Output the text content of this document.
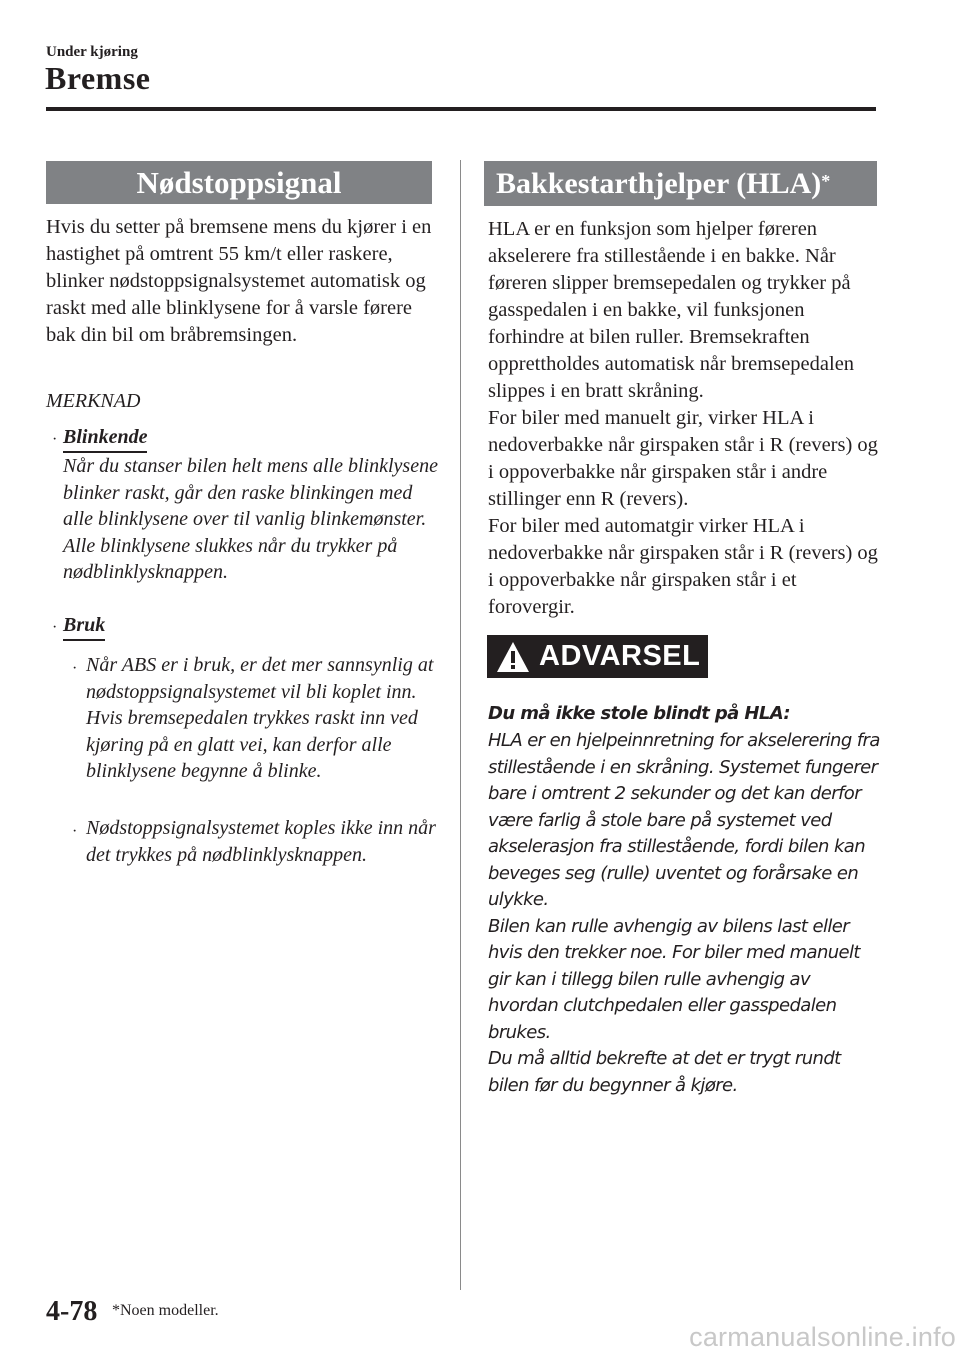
Under kjøring
Bremse
Nødstoppsignal
Hvis du setter på bremsene mens du kjører i en hastighet på omtrent 55 km/t eller raskere, blinker nødstoppsignalsystemet automatisk og raskt med alle blinklysene for å varsle førere bak din bil om bråbremsingen.
MERKNAD
· Blinkende
Når du stanser bilen helt mens alle blinklysene blinker raskt, går den raske blinkingen med alle blinklysene over til vanlig blinkemønster. Alle blinklysene slukkes når du trykker på nødblinklysknappen.
· Bruk
· Når ABS er i bruk, er det mer sannsynlig at nødstoppsignalsystemet vil bli koplet inn. Hvis bremsepedalen trykkes raskt inn ved kjøring på en glatt vei, kan derfor alle blinklysene begynne å blinke.
· Nødstoppsignalsystemet koples ikke inn når det trykkes på nødblinklysknappen.
Bakkestarthjelper (HLA)*
HLA er en funksjon som hjelper føreren akselerere fra stillestående i en bakke. Når føreren slipper bremsepedalen og trykker på gasspedalen i en bakke, vil funksjonen forhindre at bilen ruller. Bremsekraften opprettholdes automatisk når bremsepedalen slippes i en bratt skråning.
For biler med manuelt gir, virker HLA i nedoverbakke når girspaken står i R (revers) og i oppoverbakke når girspaken står i andre stillinger enn R (revers).
For biler med automatgir virker HLA i nedoverbakke når girspaken står i R (revers) og i oppoverbakke når girspaken står i et forovergir.
ADVARSEL
Du må ikke stole blindt på HLA:
HLA er en hjelpeinnretning for akselerering fra stillestående i en skråning. Systemet fungerer bare i omtrent 2 sekunder og det kan derfor være farlig å stole bare på systemet ved akselerasjon fra stillestående, fordi bilen kan beveges seg (rulle) uventet og forårsake en ulykke.
Bilen kan rulle avhengig av bilens last eller hvis den trekker noe. For biler med manuelt gir kan i tillegg bilen rulle avhengig av hvordan clutchpedalen eller gasspedalen brukes.
Du må alltid bekrefte at det er trygt rundt bilen før du begynner å kjøre.
4-78 *Noen modeller.
carmanualsonline.info
